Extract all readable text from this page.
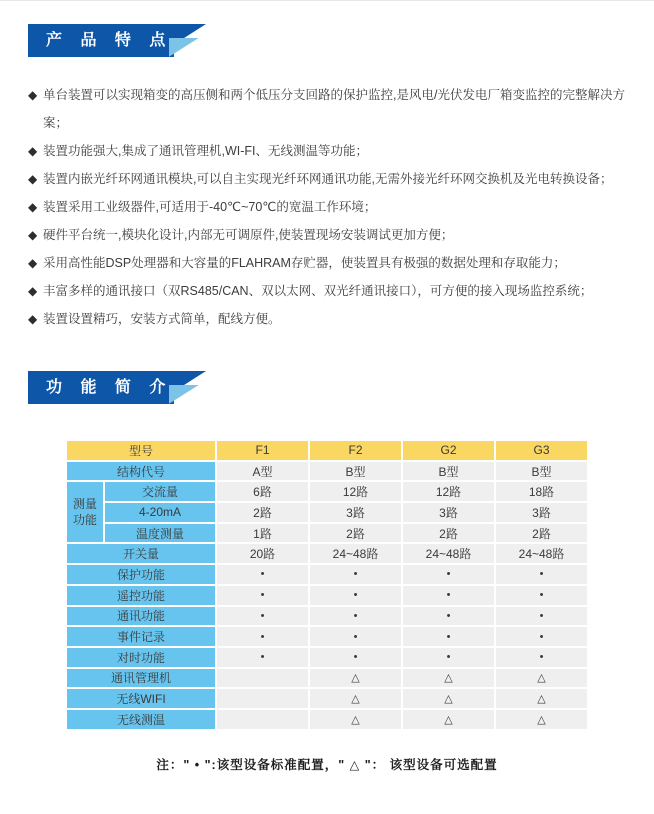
产 品 特 点
◆ 单台装置可以实现箱变的高压侧和两个低压分支回路的保护监控,是风电/光伏发电厂箱变监控的完整解决方案；
◆ 装置功能强大,集成了通讯管理机,WI-FI、无线测温等功能；
◆ 装置内嵌光纤环网通讯模块,可以自主实现光纤环网通讯功能,无需外接光纤环网交换机及光电转换设备；
◆ 装置采用工业级器件,可适用于-40℃~70℃的宽温工作环境；
◆ 硬件平台统一,模块化设计,内部无可调原件,使装置现场安装调试更加方便；
◆ 采用高性能DSP处理器和大容量的FLAHRAM存贮器，使装置具有极强的数据处理和存取能力；
◆ 丰富多样的通讯接口（双RS485/CAN、双以太网、双光纤通讯接口），可方便的接入现场监控系统；
◆ 装置设置精巧，安装方式简单，配线方便。
功 能 简 介
型号		F1	F2	G2	G3
结构代号		A型	B型	B型	B型

测量
功能	交流量	6路	12路	12路	18路
	4-20mA	2路	3路	3路	3路
	温度测量	1路	2路	2路	2路
开关量		20路	24~48路	24~48路	24~48路
保护功能		•	•	•	•
遥控功能		•	•	•	•
通讯功能		•	•	•	•
事件记录		•	•	•	•
对时功能		•	•	•	•
通讯管理机			△	△	△
无线WIFI			△	△	△
无线测温			△	△	△
注：" • ":该型设备标准配置，" △ "： 该型设备可选配置
